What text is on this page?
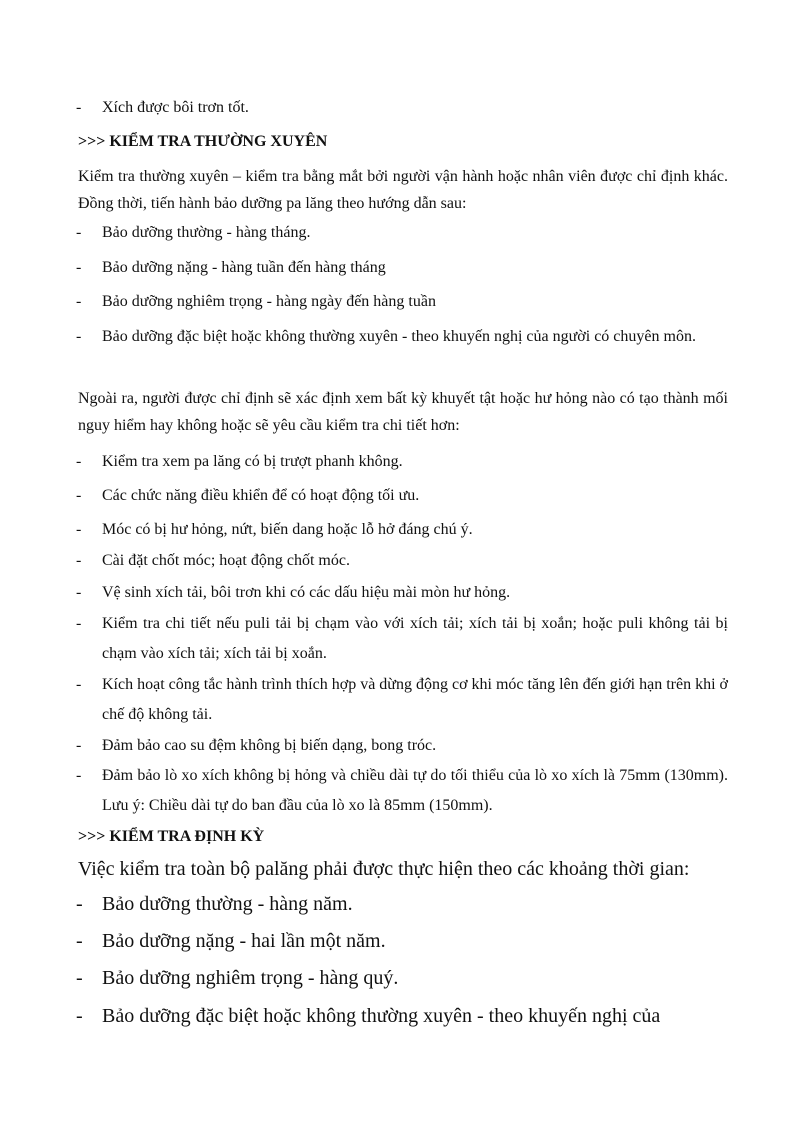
-	Xích được bôi trơn tốt.
>>> KIỂM TRA THƯỜNG XUYÊN
Kiểm tra thường xuyên – kiểm tra bằng mắt bởi người vận hành hoặc nhân viên được chỉ định khác. Đồng thời, tiến hành bảo dưỡng pa lăng theo hướng dẫn sau:
-	Bảo dưỡng thường - hàng tháng.
-	Bảo dưỡng nặng - hàng tuần đến hàng tháng
-	Bảo dưỡng nghiêm trọng - hàng ngày đến hàng tuần
-	Bảo dưỡng đặc biệt hoặc không thường xuyên - theo khuyến nghị của người có chuyên môn.
Ngoài ra, người được chỉ định sẽ xác định xem bất kỳ khuyết tật hoặc hư hỏng nào có tạo thành mối nguy hiểm hay không hoặc sẽ yêu cầu kiểm tra chi tiết hơn:
-	Kiểm tra xem pa lăng có bị trượt phanh không.
-	Các chức năng điều khiển để có hoạt động tối ưu.
-	Móc có bị hư hỏng, nứt, biến dang hoặc lỗ hở đáng chú ý.
-	Cài đặt chốt móc; hoạt động chốt móc.
-	Vệ sinh xích tải, bôi trơn khi có các dấu hiệu mài mòn hư hỏng.
-	Kiểm tra chi tiết nếu puli tải bị chạm vào với xích tải; xích tải bị xoắn; hoặc puli không tải bị chạm vào xích tải; xích tải bị xoắn.
-	Kích hoạt công tắc hành trình thích hợp và dừng động cơ khi móc tăng lên đến giới hạn trên khi ở chế độ không tải.
-	Đảm bảo cao su đệm không bị biến dạng, bong tróc.
-	Đảm bảo lò xo xích không bị hỏng và chiều dài tự do tối thiểu của lò xo xích là 75mm (130mm). Lưu ý: Chiều dài tự do ban đầu của lò xo là 85mm (150mm).
>>> KIỂM TRA ĐỊNH KỲ
Việc kiểm tra toàn bộ palăng phải được thực hiện theo các khoảng thời gian:
- Bảo dưỡng thường - hàng năm.
- Bảo dưỡng nặng - hai lần một năm.
- Bảo dưỡng nghiêm trọng - hàng quý.
- Bảo dưỡng đặc biệt hoặc không thường xuyên - theo khuyến nghị của
